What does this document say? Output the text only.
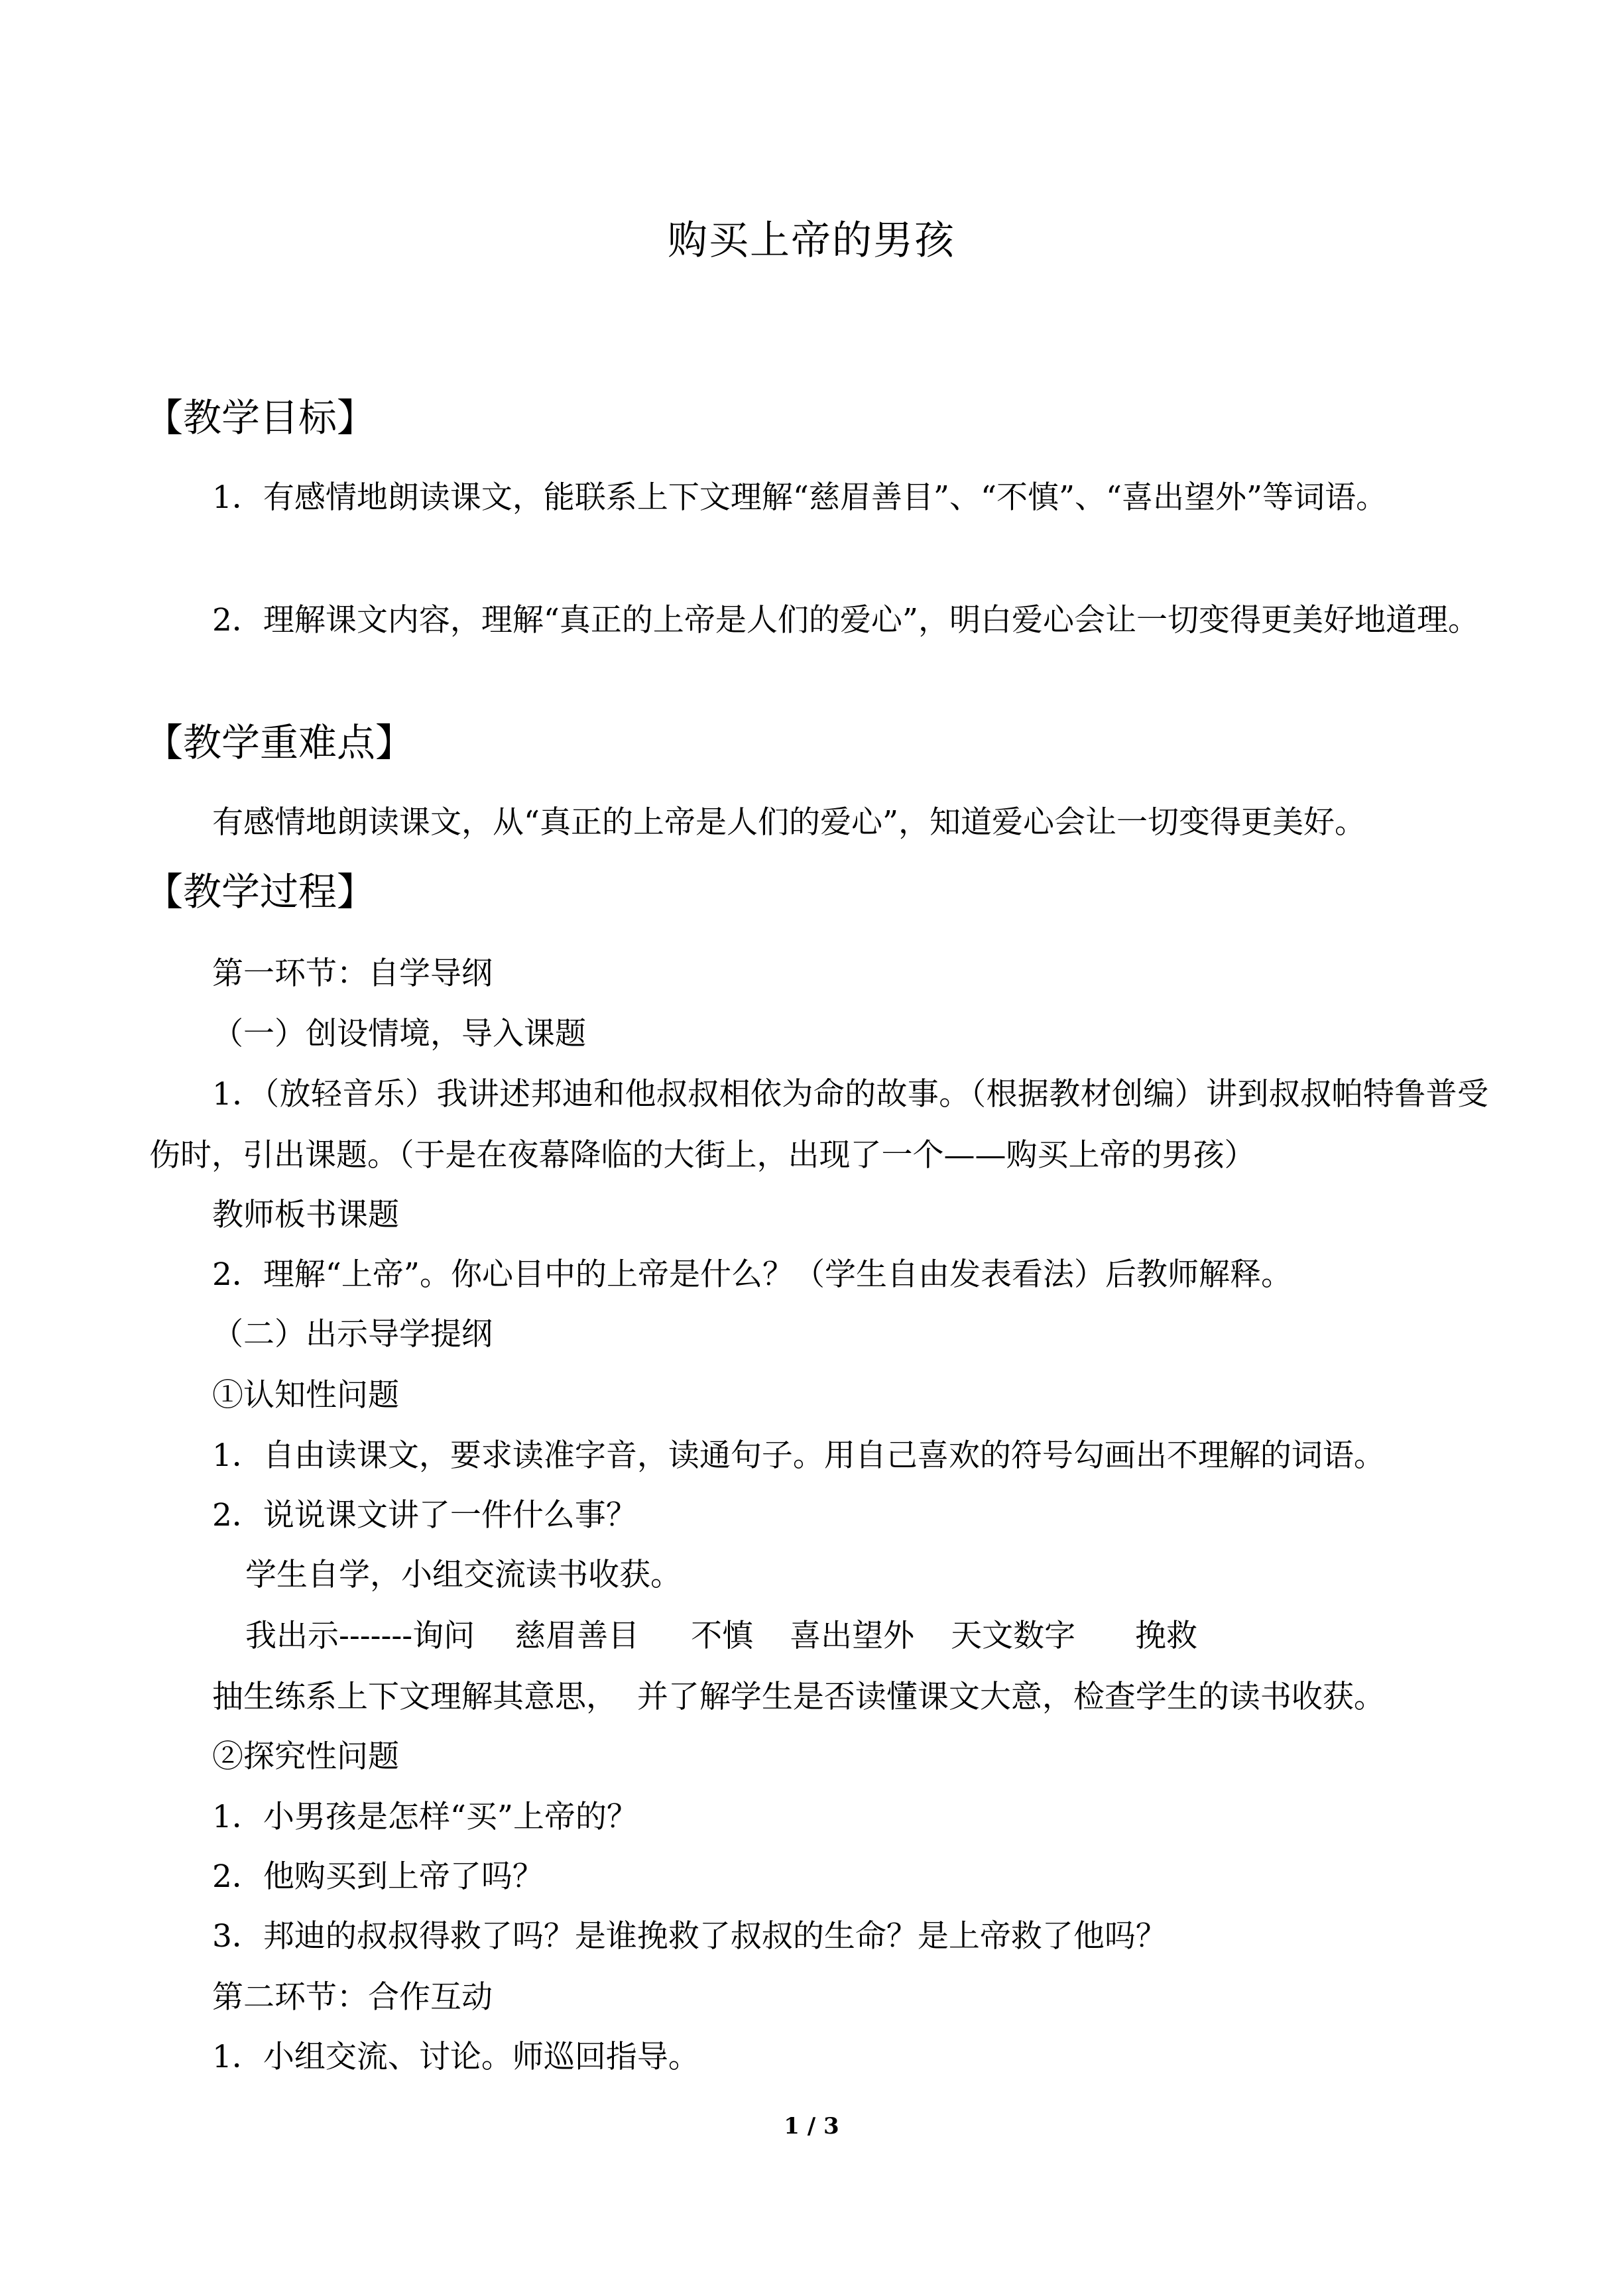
购买上帝的男孩
【教学目标】
1．有感情地朗读课文，能联系上下文理解“慈眉善目”、“不慎”、“喜出望外”等词语。
2．理解课文内容，理解“真正的上帝是人们的爱心”，明白爱心会让一切变得更美好地道理。
【教学重难点】
有感情地朗读课文，从“真正的上帝是人们的爱心”，知道爱心会让一切变得更美好。
【教学过程】
第一环节：自学导纲
（一）创设情境，导入课题
1．（放轻音乐）我讲述邦迪和他叔叔相依为命的故事。（根据教材创编）讲到叔叔帕特鲁普受伤时，引出课题。（于是在夜幕降临的大街上，出现了一个——购买上帝的男孩）
教师板书课题
2．理解“上帝”。你心目中的上帝是什么？（学生自由发表看法）后教师解释。
（二）出示导学提纲
①认知性问题
1．自由读课文，要求读准字音，读通句子。用自己喜欢的符号勾画出不理解的词语。
2．说说课文讲了一件什么事？
学生自学，小组交流读书收获。
我出示-------询问 慈眉善目 不慎 喜出望外 天文数字 挽救
抽生练系上下文理解其意思，  并了解学生是否读懂课文大意，检查学生的读书收获。
②探究性问题
1．小男孩是怎样“买”上帝的？
2．他购买到上帝了吗？
3．邦迪的叔叔得救了吗？是谁挽救了叔叔的生命？是上帝救了他吗？
第二环节：合作互动
1．小组交流、讨论。师巡回指导。
1 / 3
